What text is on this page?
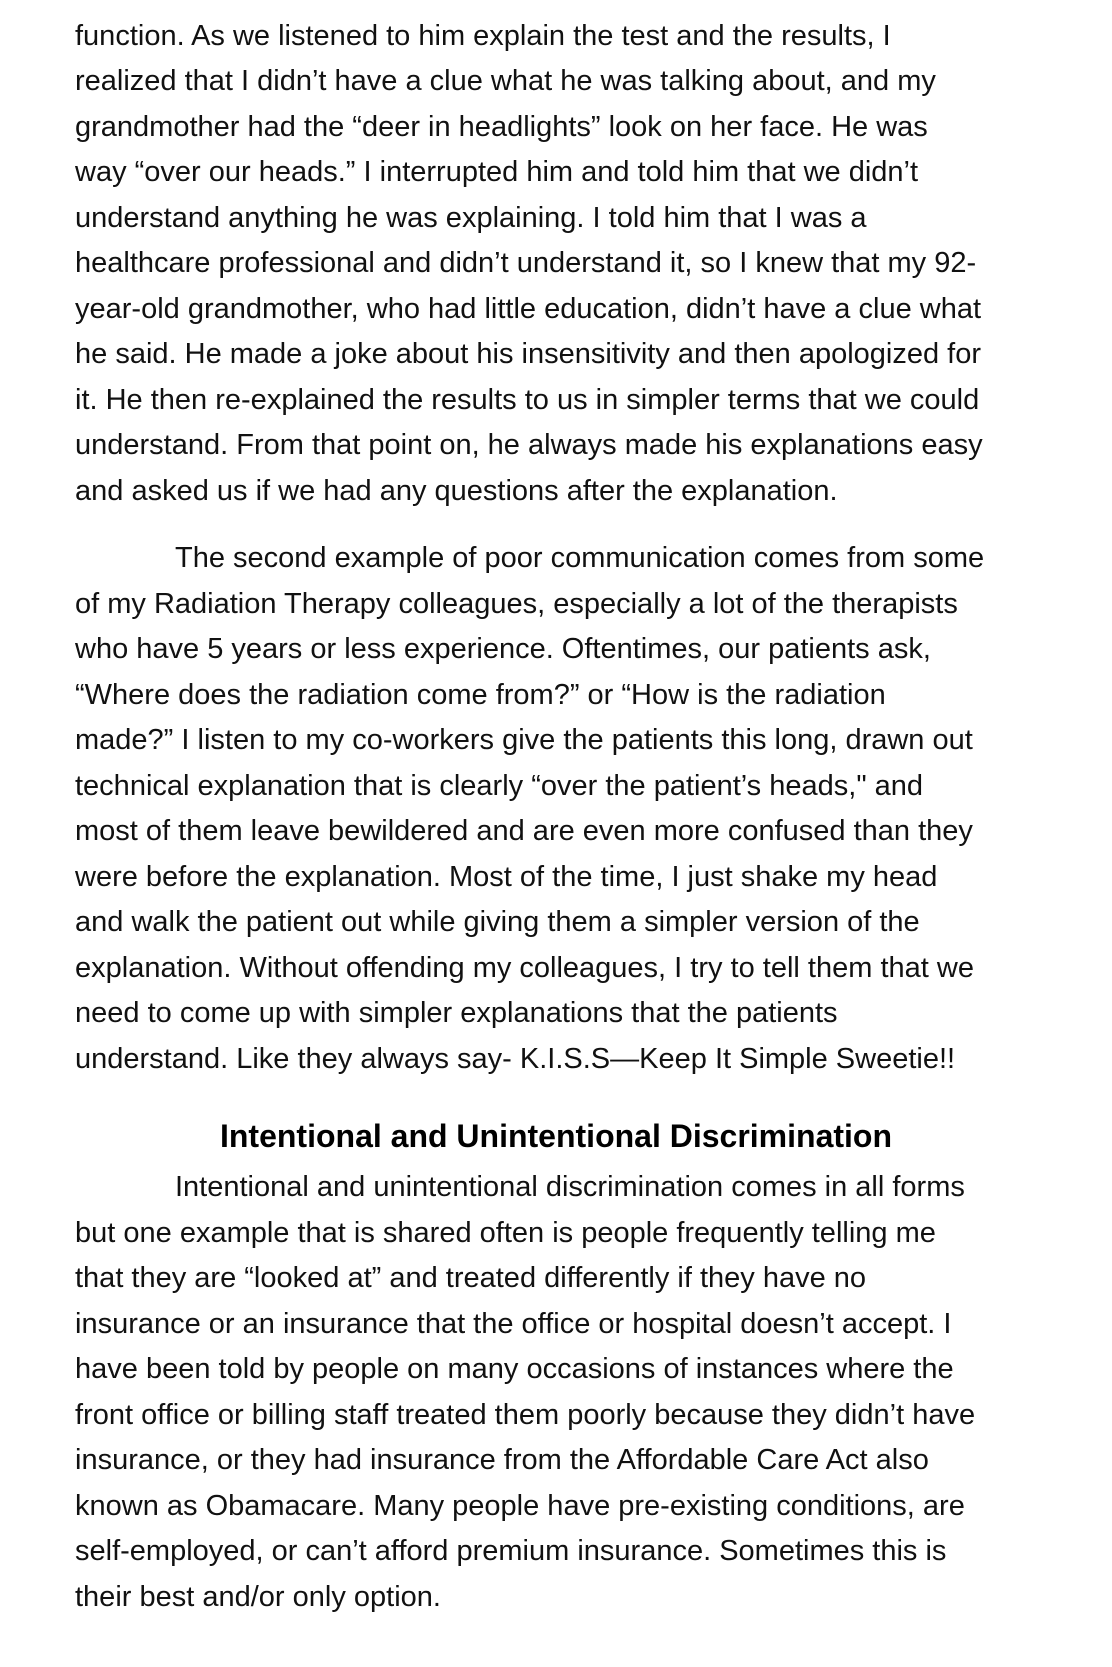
function. As we listened to him explain the test and the results, I
realized that I didn’t have a clue what he was talking about, and my
grandmother had the “deer in headlights” look on her face. He was
way “over our heads.” I interrupted him and told him that we didn’t
understand anything he was explaining. I told him that I was a
healthcare professional and didn’t understand it, so I knew that my 92-
year-old grandmother, who had little education, didn’t have a clue what
he said. He made a joke about his insensitivity and then apologized for
it. He then re-explained the results to us in simpler terms that we could
understand. From that point on, he always made his explanations easy
and asked us if we had any questions after the explanation.
The second example of poor communication comes from some
of my Radiation Therapy colleagues, especially a lot of the therapists
who have 5 years or less experience. Oftentimes, our patients ask,
“Where does the radiation come from?” or “How is the radiation
made?” I listen to my co-workers give the patients this long, drawn out
technical explanation that is clearly “over the patient’s heads," and
most of them leave bewildered and are even more confused than they
were before the explanation. Most of the time, I just shake my head
and walk the patient out while giving them a simpler version of the
explanation. Without offending my colleagues, I try to tell them that we
need to come up with simpler explanations that the patients
understand. Like they always say- K.I.S.S—Keep It Simple Sweetie!!
Intentional and Unintentional Discrimination
Intentional and unintentional discrimination comes in all forms
but one example that is shared often is people frequently telling me
that they are “looked at” and treated differently if they have no
insurance or an insurance that the office or hospital doesn’t accept. I
have been told by people on many occasions of instances where the
front office or billing staff treated them poorly because they didn’t have
insurance, or they had insurance from the Affordable Care Act also
known as Obamacare. Many people have pre-existing conditions, are
self-employed, or can’t afford premium insurance. Sometimes this is
their best and/or only option.
